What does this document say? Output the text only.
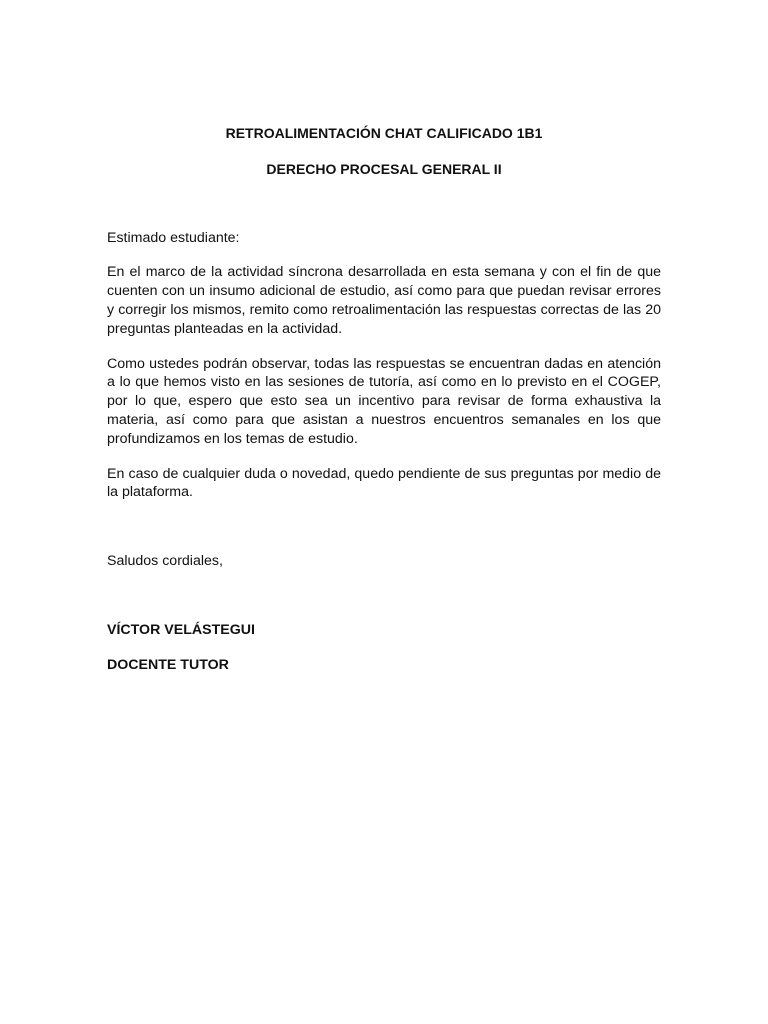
RETROALIMENTACIÓN CHAT CALIFICADO 1B1

DERECHO PROCESAL GENERAL II

Estimado estudiante:

En el marco de la actividad síncrona desarrollada en esta semana y con el fin de que cuenten con un insumo adicional de estudio, así como para que puedan revisar errores y corregir los mismos, remito como retroalimentación las respuestas correctas de las 20 preguntas planteadas en la actividad.

Como ustedes podrán observar, todas las respuestas se encuentran dadas en atención a lo que hemos visto en las sesiones de tutoría, así como en lo previsto en el COGEP, por lo que, espero que esto sea un incentivo para revisar de forma exhaustiva la materia, así como para que asistan a nuestros encuentros semanales en los que profundizamos en los temas de estudio.

En caso de cualquier duda o novedad, quedo pendiente de sus preguntas por medio de la plataforma.

Saludos cordiales,

VÍCTOR VELÁSTEGUI

DOCENTE TUTOR
